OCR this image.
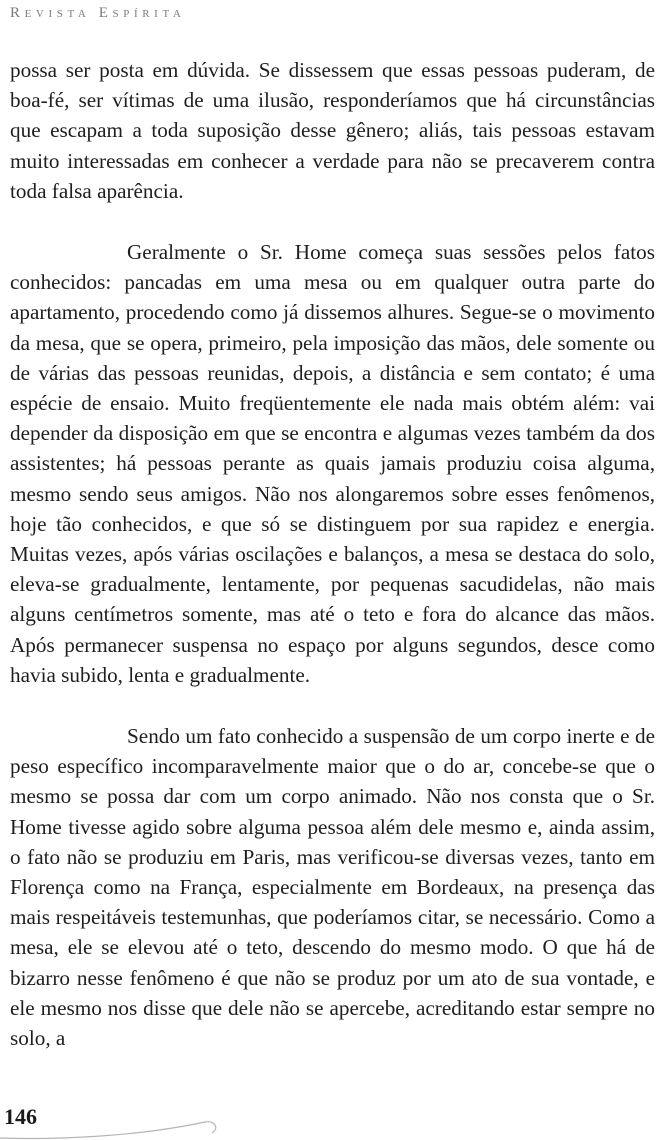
Revista Espírita

possa ser posta em dúvida. Se dissessem que essas pessoas puderam, de boa-fé, ser vítimas de uma ilusão, responderíamos que há circunstâncias que escapam a toda suposição desse gênero; aliás, tais pessoas estavam muito interessadas em conhecer a verdade para não se precaverem contra toda falsa aparência.

Geralmente o Sr. Home começa suas sessões pelos fatos conhecidos: pancadas em uma mesa ou em qualquer outra parte do apartamento, procedendo como já dissemos alhures. Segue-se o movimento da mesa, que se opera, primeiro, pela imposição das mãos, dele somente ou de várias das pessoas reunidas, depois, a distância e sem contato; é uma espécie de ensaio. Muito freqüentemente ele nada mais obtém além: vai depender da disposição em que se encontra e algumas vezes também da dos assistentes; há pessoas perante as quais jamais produziu coisa alguma, mesmo sendo seus amigos. Não nos alongaremos sobre esses fenômenos, hoje tão conhecidos, e que só se distinguem por sua rapidez e energia. Muitas vezes, após várias oscilações e balanços, a mesa se destaca do solo, eleva-se gradualmente, lentamente, por pequenas sacudidelas, não mais alguns centímetros somente, mas até o teto e fora do alcance das mãos. Após permanecer suspensa no espaço por alguns segundos, desce como havia subido, lenta e gradualmente.

Sendo um fato conhecido a suspensão de um corpo inerte e de peso específico incomparavelmente maior que o do ar, concebe-se que o mesmo se possa dar com um corpo animado. Não nos consta que o Sr. Home tivesse agido sobre alguma pessoa além dele mesmo e, ainda assim, o fato não se produziu em Paris, mas verificou-se diversas vezes, tanto em Florença como na França, especialmente em Bordeaux, na presença das mais respeitáveis testemunhas, que poderíamos citar, se necessário. Como a mesa, ele se elevou até o teto, descendo do mesmo modo. O que há de bizarro nesse fenômeno é que não se produz por um ato de sua vontade, e ele mesmo nos disse que dele não se apercebe, acreditando estar sempre no solo, a

146
